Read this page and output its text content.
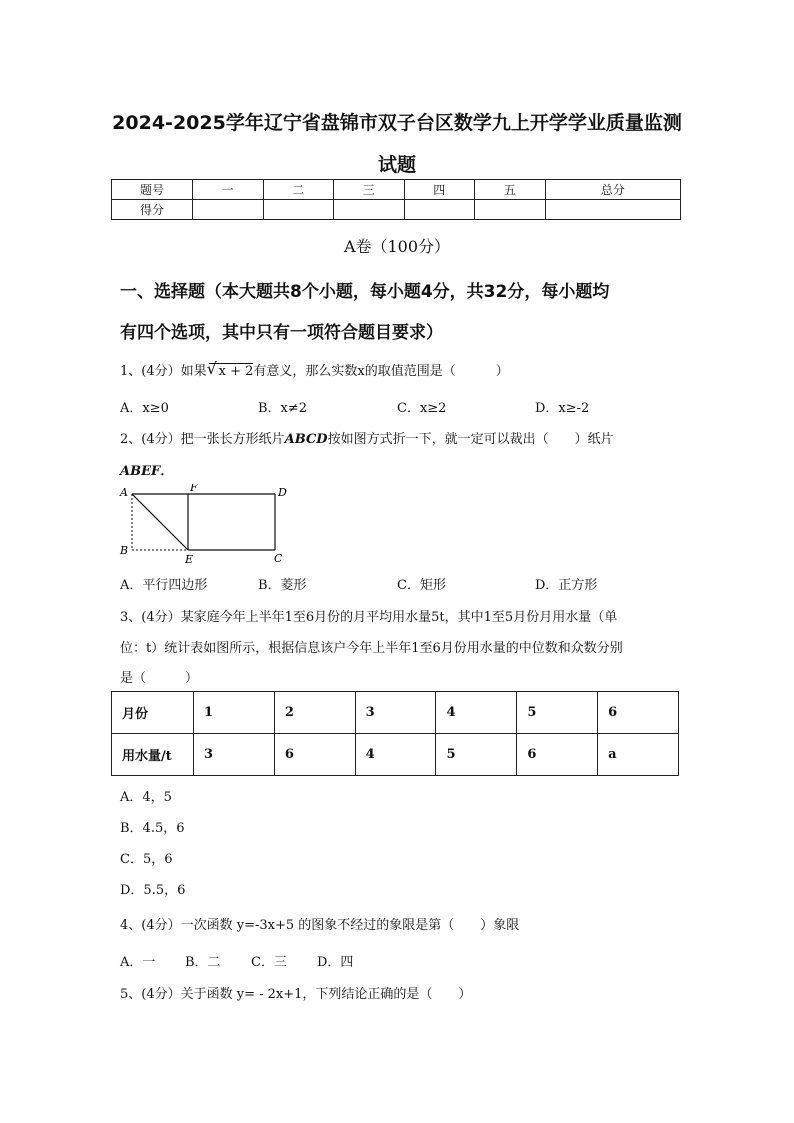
2024-2025学年辽宁省盘锦市双子台区数学九上开学学业质量监测
试题
题号	一	二	三	四	五	总分
得分						
A卷（100分）
一、选择题（本大题共8个小题，每小题4分，共32分，每小题均
有四个选项，其中只有一项符合题目要求）
1、(4分）如果 √ x + 2有意义，那么实数x的取值范围是（	）
A．x≥0	B．x≠2	C．x≥2	D．x≥-2
2、(4分）把一张长方形纸片ABCD按如图方式折一下，就一定可以裁出（　　）纸片
ABEF．
A	F	D
B
E	C
A．平行四边形	B．菱形	C．矩形	D．正方形
3、(4分）某家庭今年上半年1至6月份的月平均用水量5t，其中1至5月份月用水量（单
位：t）统计表如图所示，根据信息该户今年上半年1至6月份用水量的中位数和众数分别
是（　　　）
月份	1	2	3	4	5	6
用水量/t	3	6	4	5	6	a
A．4，5
B．4.5，6
C．5，6
D．5.5，6
4、(4分）一次函数 y=-3x+5 的图象不经过的象限是第（　　）象限
A．一 B．二 C．三 D．四
5、(4分）关于函数 y= - 2x+1，下列结论正确的是（　　）
